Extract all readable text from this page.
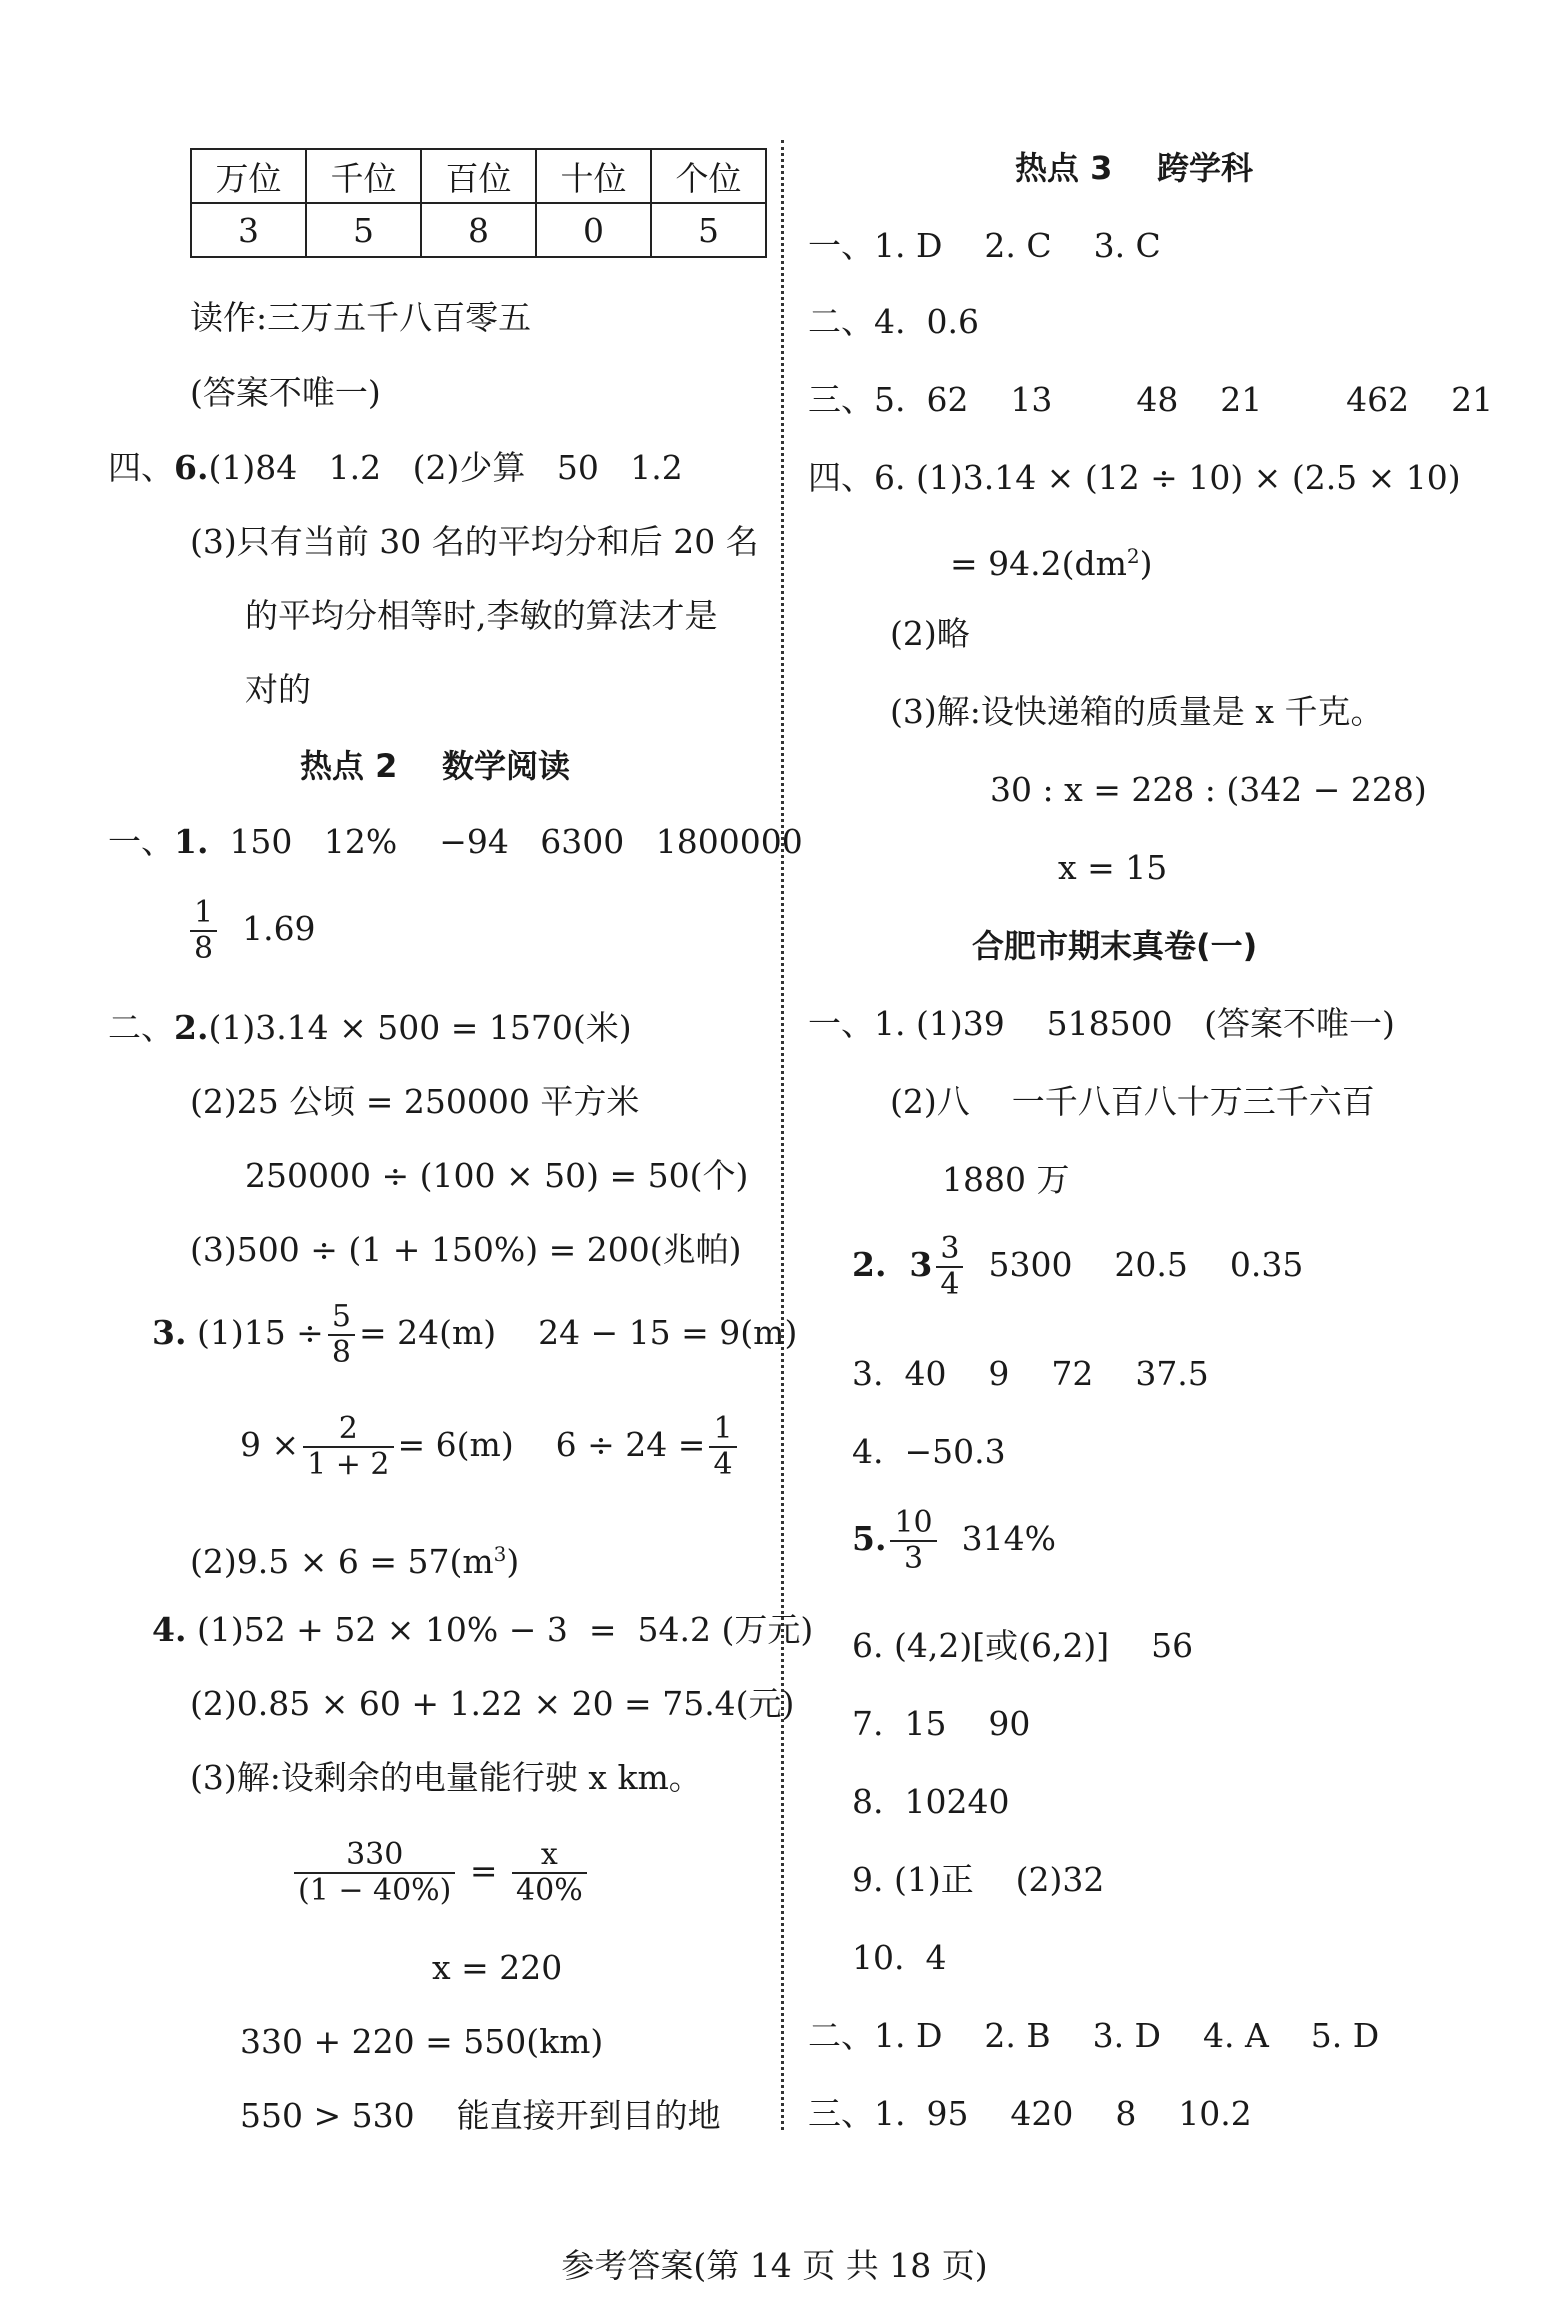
万位	千位	百位	十位	个位
3	5	8	0	5
读作:三万五千八百零五
(答案不唯一)
四、6.(1)84   1.2   (2)少算   50   1.2
(3)只有当前 30 名的平均分和后 20 名
的平均分相等时,李敏的算法才是
对的
热点 2    数学阅读
一、1. 150   12%    −94   6300   1800000
$\frac{1}{8} 1.69$
二、2.(1)3.14 × 500 = 1570(米)
(2)25 公顷 = 250000 平方米
250000 ÷ (100 × 50) = 50(个)
(3)500 ÷ (1 + 150%) = 200(兆帕)
3. $(1)15 \div \frac{5}{8} = 24(m)$    24 − 15 = 9(m)
$9 \times \frac{2}{1 + 2} = 6(m)$    $6 \div 24 = \frac{1}{4}$
$(2)9.5 \times 6 = 57(m^3)$
4. (1)52 + 52 × 10% − 3  =  54.2 (万元)
(2)0.85 × 60 + 1.22 × 20 = 75.4(元)
(3)解:设剩余的电量能行驶 x km。
$\frac{330}{(1 - 40\%)} = \frac{x}{40\%}$
x = 220
330 + 220 = 550(km)
550 > 530    能直接开到目的地
热点 3    跨学科
一、1. D    2. C    3. C
二、4.  0.6
三、5.  62    13        48    21        462    21
四、6. (1)3.14 × (12 ÷ 10) × (2.5 × 10)
= $94.2(dm^2)$
(2)略
(3)解:设快递箱的质量是 x 千克。
30 : x = 228 : (342 − 228)
x = 15
合肥市期末真卷(一)
一、1. (1)39    518500   (答案不唯一)
(2)八    一千八百八十万三千六百
1880 万
2.  $3 \frac{3}{4} 5300$    20.5    0.35
3.  40    9    72    37.5
4.  −50.3
5. $\frac{10}{3} 314\%$
6. (4,2)[或(6,2)]    56
7.  15    90
8.  10240
9. (1)正    (2)32
10.  4
二、1. D    2. B    3. D    4. A    5. D
三、1.  95    420    8    10.2
参考答案(第 14 页 共 18 页)
